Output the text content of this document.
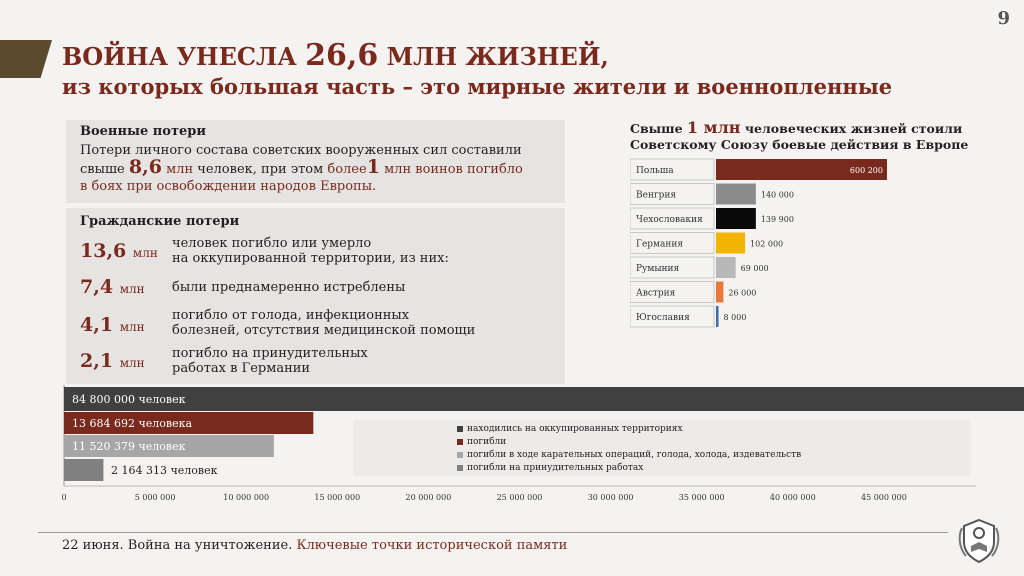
9
ВОЙНА УНЕСЛА 26,6 МЛН ЖИЗНЕЙ,
из которых большая часть – это мирные жители и военнопленные
Военные потери
Потери личного состава советских вооруженных сил составили
свыше 8,6 млн человек, при этом более1 млн воинов погибло
в боях при освобождении народов Европы.
Гражданские потери
13,6 млн
человек погибло или умерло
на оккупированной территории, из них:
7,4 млн были преднамеренно истреблены
4,1 млн
погибло от голода, инфекционных
болезней, отсутствия медицинской помощи
2,1 млн
погибло на принудительных
работах в Германии
Свыше 1 млн человеческих жизней стоили
Советскому Союзу боевые действия в Европе
Польша	600 200
Венгрия	140 000
Чехословакия	139 900
Германия	102 000
Румыния	69 000
Австрия	26 000
Югославия	8 000
находились на оккупированных территориях
погибли
погибли в ходе карательных операций, голода, холода, издевательств
погибли на принудительных работах
84 800 000 человек
13 684 692 человека
11 520 379 человек
2 164 313 человек
0	5 000 000	10 000 000	15 000 000	20 000 000	25 000 000	30 000 000	35 000 000	40 000 000	45 000 000
22 июня. Война на уничтожение. Ключевые точки исторической памяти
